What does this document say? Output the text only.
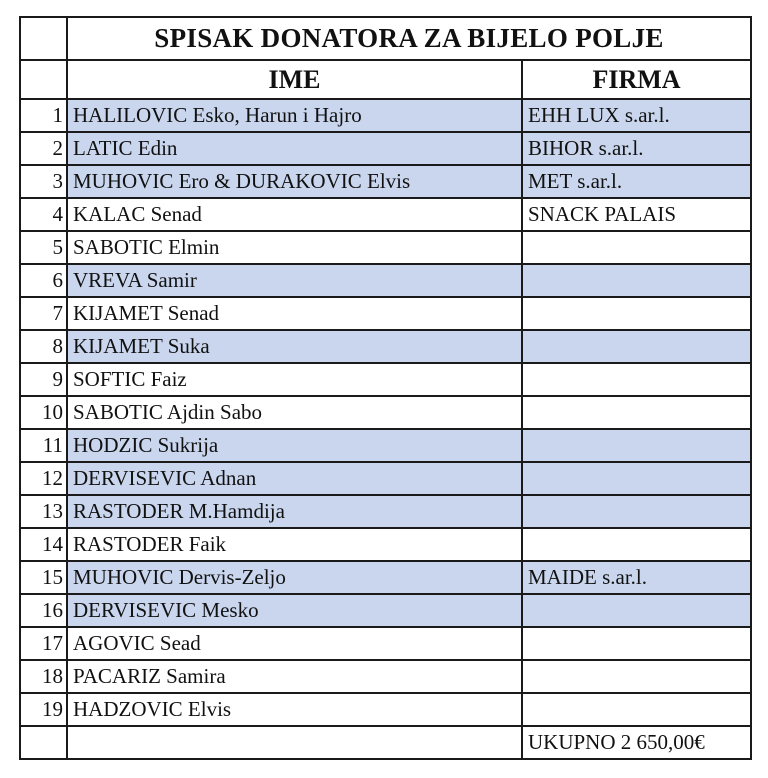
	SPISAK DONATORA ZA BIJELO POLJE	
	IME	FIRMA
1	HALILOVIC Esko, Harun i Hajro	EHH LUX s.ar.l.
2	LATIC Edin	BIHOR s.ar.l.
3	MUHOVIC Ero & DURAKOVIC Elvis	MET s.ar.l.
4	KALAC Senad	SNACK PALAIS
5	SABOTIC Elmin	
6	VREVA Samir	
7	KIJAMET Senad	
8	KIJAMET Suka	
9	SOFTIC Faiz	
10	SABOTIC Ajdin Sabo	
11	HODZIC Sukrija	
12	DERVISEVIC Adnan	
13	RASTODER M.Hamdija	
14	RASTODER Faik	
15	MUHOVIC Dervis-Zeljo	MAIDE s.ar.l.
16	DERVISEVIC Mesko	
17	AGOVIC Sead	
18	PACARIZ Samira	
19	HADZOVIC Elvis	
		UKUPNO 2 650,00€
